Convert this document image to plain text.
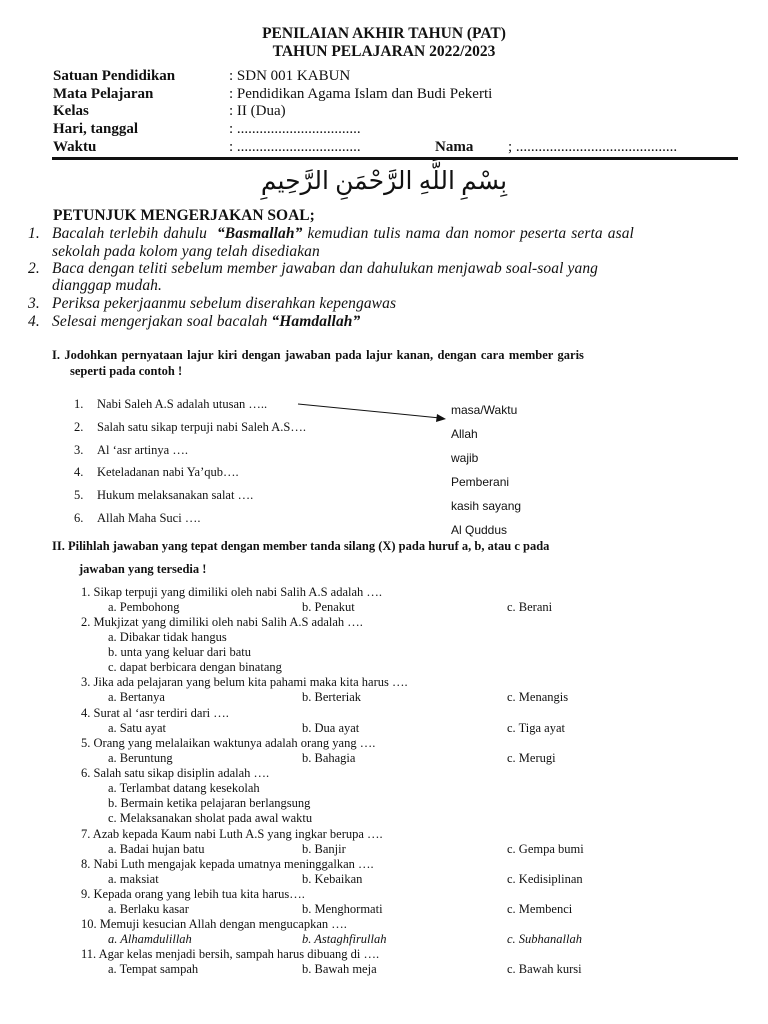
PENILAIAN AKHIR TAHUN (PAT)
TAHUN PELAJARAN 2022/2023
Satuan Pendidikan	: SDN 001 KABUN
Mata Pelajaran	: Pendidikan Agama Islam dan Budi Pekerti
Kelas	: II (Dua)
Hari, tanggal	: .................................
Waktu	: .................................	Nama ; ...........................................
بِسْمِ اللَّهِ الرَّحْمَنِ الرَّحِيمِ
PETUNJUK MENGERJAKAN SOAL;
1. Bacalah terlebih dahulu “Basmallah” kemudian tulis nama dan nomor peserta serta asal
sekolah pada kolom yang telah disediakan
2. Baca dengan teliti sebelum member jawaban dan dahulukan menjawab soal-soal yang
dianggap mudah.
3. Periksa pekerjaanmu sebelum diserahkan kepengawas
4. Selesai mengerjakan soal bacalah “Hamdallah”
I. Jodohkan pernyataan lajur kiri dengan jawaban pada lajur kanan, dengan cara member garis
seperti pada contoh !
1. Nabi Saleh A.S adalah utusan …..
2. Salah satu sikap terpuji nabi Saleh A.S….
3. Al ‘asr artinya ….
4. Keteladanan nabi Ya’qub….
5. Hukum melaksanakan salat ….
6. Allah Maha Suci ….
masa/Waktu
Allah
wajib
Pemberani
kasih sayang
Al Quddus
II. Pilihlah jawaban yang tepat dengan member tanda silang (X) pada huruf a, b, atau c pada
jawaban yang tersedia !
1. Sikap terpuji yang dimiliki oleh nabi Salih A.S adalah ….
a. Pembohong	b. Penakut	c. Berani
2. Mukjizat yang dimiliki oleh nabi Salih A.S adalah ….
a. Dibakar tidak hangus
b. unta yang keluar dari batu
c. dapat berbicara dengan binatang
3. Jika ada pelajaran yang belum kita pahami maka kita harus ….
a. Bertanya	b. Berteriak	c. Menangis
4. Surat al ‘asr terdiri dari ….
a. Satu ayat	b. Dua ayat	c. Tiga ayat
5. Orang yang melalaikan waktunya adalah orang yang ….
a. Beruntung	b. Bahagia	c. Merugi
6. Salah satu sikap disiplin adalah ….
a. Terlambat datang kesekolah
b. Bermain ketika pelajaran berlangsung
c. Melaksanakan sholat pada awal waktu
7. Azab kepada Kaum nabi Luth A.S yang ingkar berupa ….
a. Badai hujan batu	b. Banjir	c. Gempa bumi
8. Nabi Luth mengajak kepada umatnya meninggalkan ….
a. maksiat	b. Kebaikan	c. Kedisiplinan
9. Kepada orang yang lebih tua kita harus….
a. Berlaku kasar	b. Menghormati	c. Membenci
10. Memuji kesucian Allah dengan mengucapkan ….
a. Alhamdulillah	b. Astaghfirullah	c. Subhanallah
11. Agar kelas menjadi bersih, sampah harus dibuang di ….
a. Tempat sampah	b. Bawah meja	c. Bawah kursi
